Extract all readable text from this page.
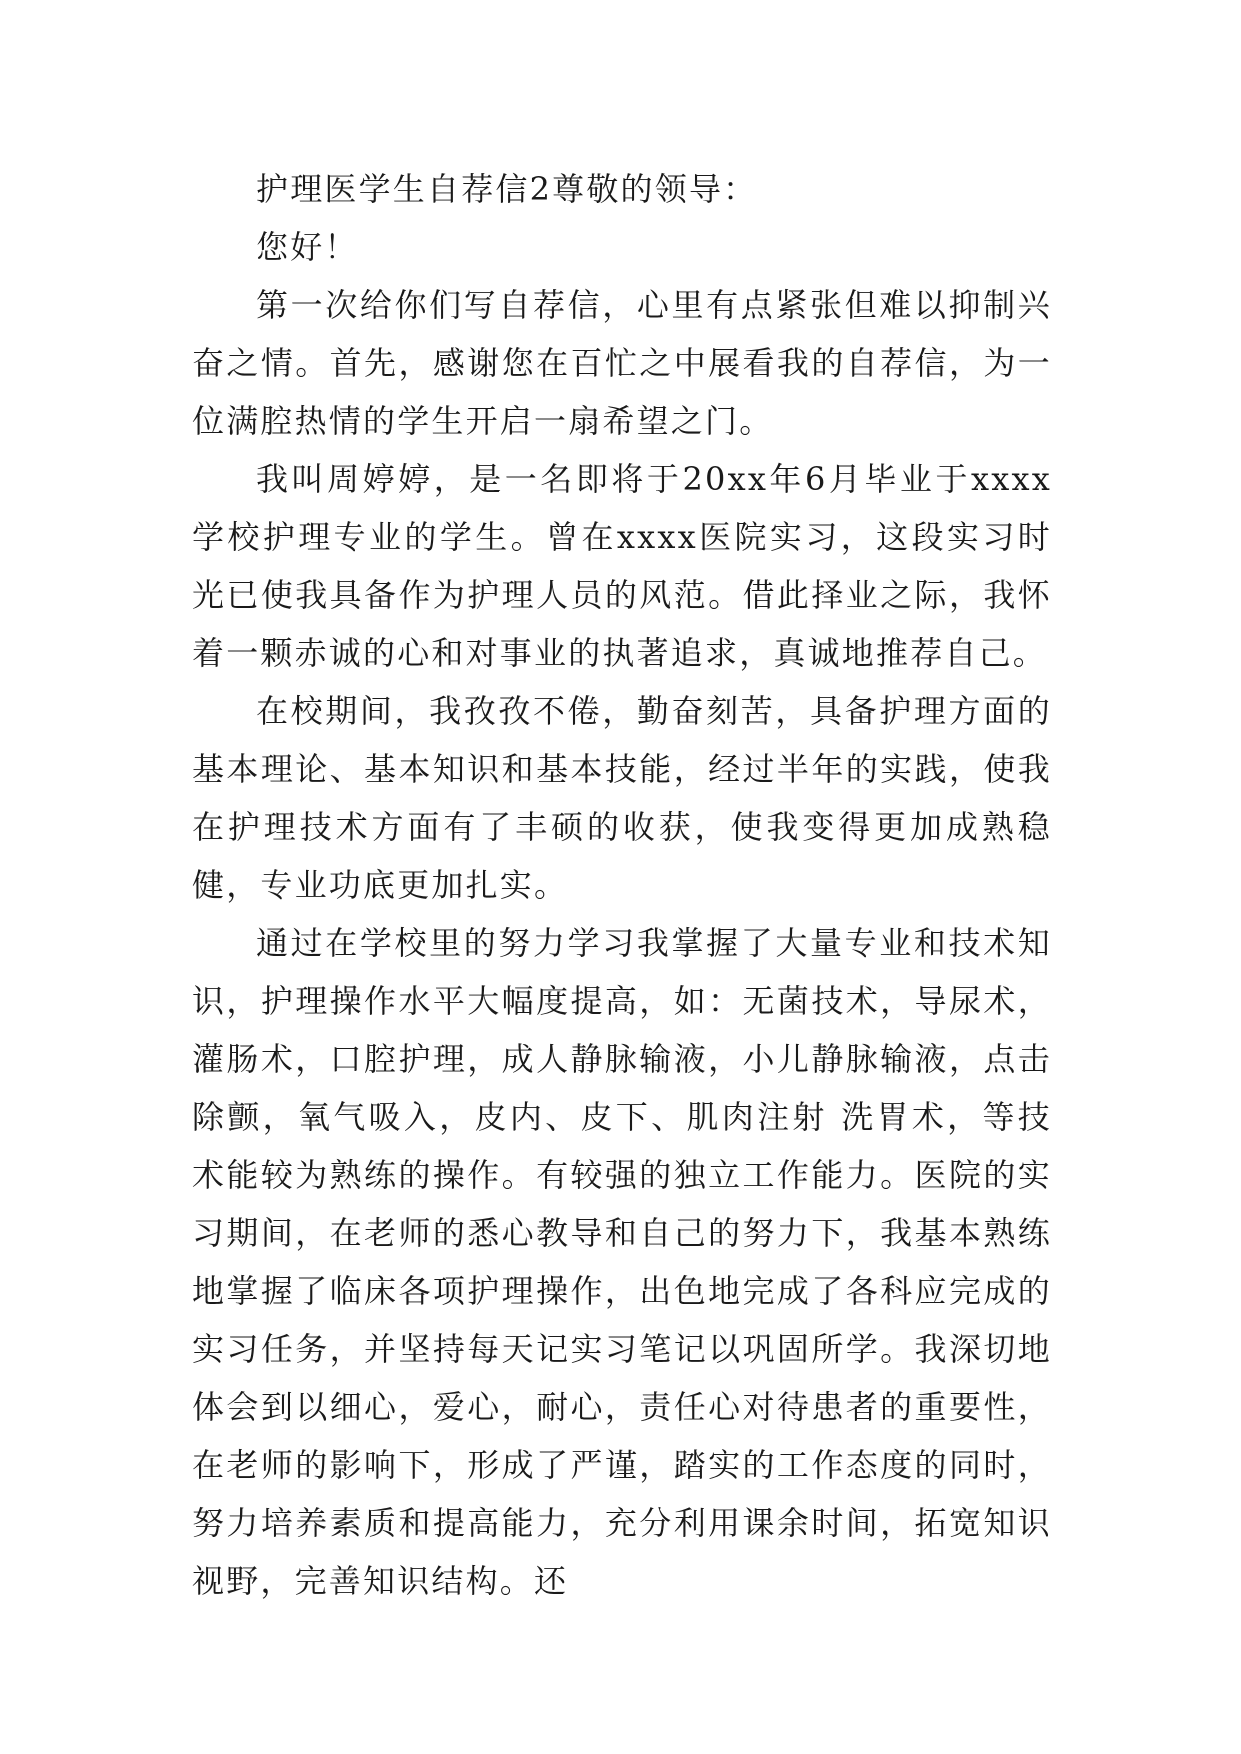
护理医学生自荐信2尊敬的领导：

您好！

第一次给你们写自荐信，心里有点紧张但难以抑制兴奋之情。首先，感谢您在百忙之中展看我的自荐信，为一位满腔热情的学生开启一扇希望之门。

我叫周婷婷，是一名即将于20xx年6月毕业于xxxx学校护理专业的学生。曾在xxxx医院实习，这段实习时光已使我具备作为护理人员的风范。借此择业之际，我怀着一颗赤诚的心和对事业的执著追求，真诚地推荐自己。

在校期间，我孜孜不倦，勤奋刻苦，具备护理方面的基本理论、基本知识和基本技能，经过半年的实践，使我在护理技术方面有了丰硕的收获，使我变得更加成熟稳健，专业功底更加扎实。

通过在学校里的努力学习我掌握了大量专业和技术知识，护理操作水平大幅度提高，如：无菌技术，导尿术，灌肠术，口腔护理，成人静脉输液，小儿静脉输液，点击除颤，氧气吸入，皮内、皮下、肌肉注射 洗胃术，等技术能较为熟练的操作。有较强的独立工作能力。医院的实习期间，在老师的悉心教导和自己的努力下，我基本熟练地掌握了临床各项护理操作，出色地完成了各科应完成的实习任务，并坚持每天记实习笔记以巩固所学。我深切地体会到以细心，爱心，耐心，责任心对待患者的重要性，在老师的影响下，形成了严谨，踏实的工作态度的同时，努力培养素质和提高能力，充分利用课余时间，拓宽知识视野，完善知识结构。还
